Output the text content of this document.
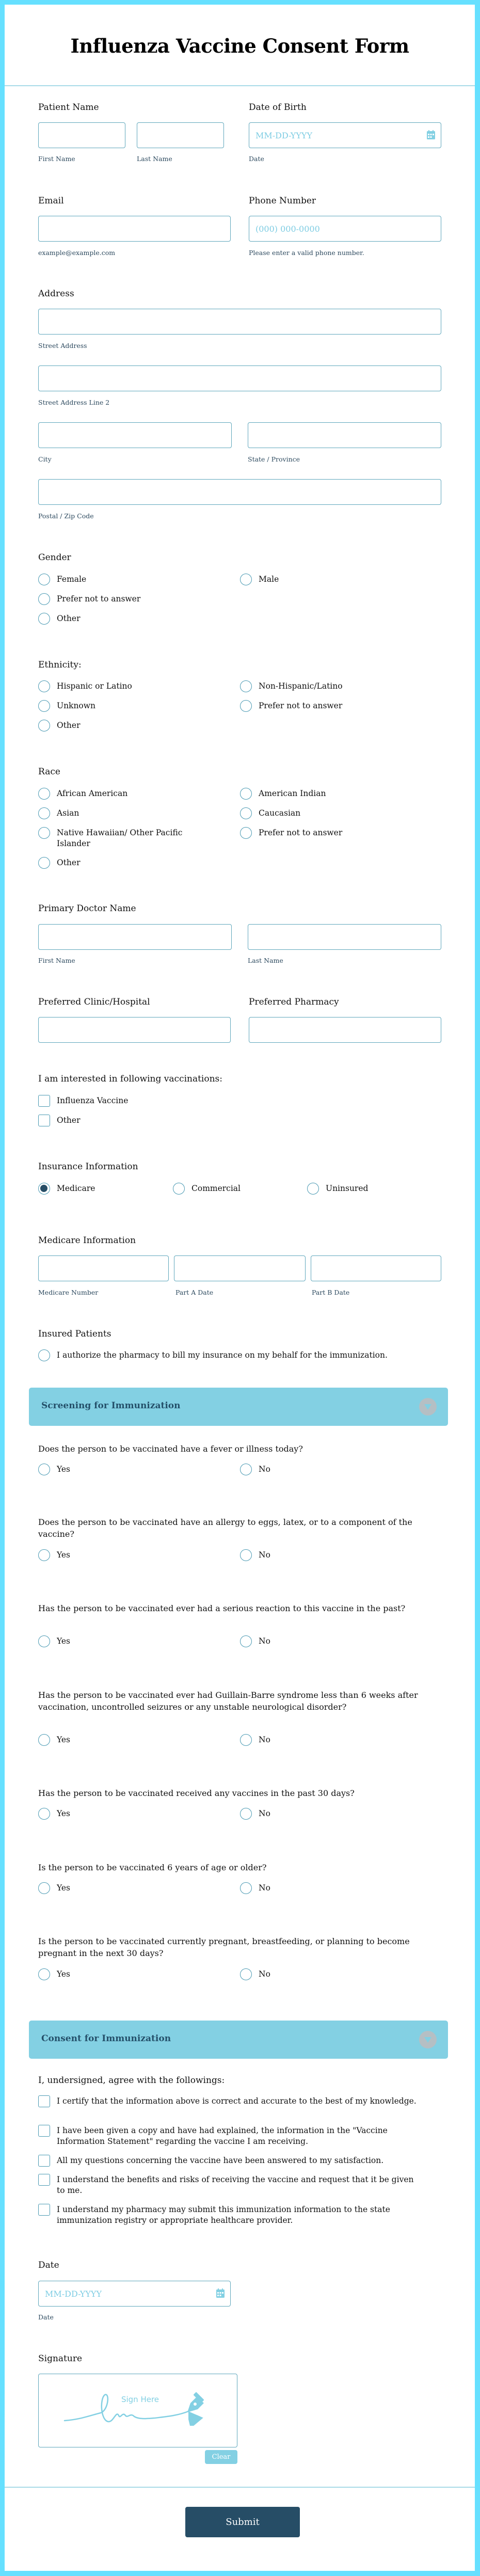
Influenza Vaccine Consent Form
Patient Name
First Name	Last Name
Date of Birth
MM-DD-YYYY
Date
Email
example@example.com
Phone Number
(000) 000-0000
Please enter a valid phone number.
Address
Street Address
Street Address Line 2
City	State / Province
Postal / Zip Code
Gender
Female	Male
Prefer not to answer
Other
Ethnicity:
Hispanic or Latino	Non-Hispanic/Latino
Unknown	Prefer not to answer
Other
Race
African American	American Indian
Asian	Caucasian
Native Hawaiian/ Other Pacific Islander
Prefer not to answer
Other
Primary Doctor Name
First Name	Last Name
Preferred Clinic/Hospital	Preferred Pharmacy
I am interested in following vaccinations:
Influenza Vaccine
Other
Insurance Information
Medicare	Commercial	Uninsured
Medicare Information
Medicare Number	Part A Date	Part B Date
Insured Patients
I authorize the pharmacy to bill my insurance on my behalf for the immunization.
Screening for Immunization
Does the person to be vaccinated have a fever or illness today?
Yes	No
Does the person to be vaccinated have an allergy to eggs, latex, or to a component of the vaccine?
Yes	No
Has the person to be vaccinated ever had a serious reaction to this vaccine in the past?
Yes	No
Has the person to be vaccinated ever had Guillain-Barre syndrome less than 6 weeks after vaccination, uncontrolled seizures or any unstable neurological disorder?
Yes	No
Has the person to be vaccinated received any vaccines in the past 30 days?
Yes	No
Is the person to be vaccinated 6 years of age or older?
Yes	No
Is the person to be vaccinated currently pregnant, breastfeeding, or planning to become pregnant in the next 30 days?
Yes	No
Consent for Immunization
I, undersigned, agree with the followings:
I certify that the information above is correct and accurate to the best of my knowledge.
I have been given a copy and have had explained, the information in the "Vaccine Information Statement" regarding the vaccine I am receiving.
All my questions concerning the vaccine have been answered to my satisfaction.
I understand the benefits and risks of receiving the vaccine and request that it be given to me.
I understand my pharmacy may submit this immunization information to the state immunization registry or appropriate healthcare provider.
Date
MM-DD-YYYY
Date
Signature
Sign Here
Clear
Submit
